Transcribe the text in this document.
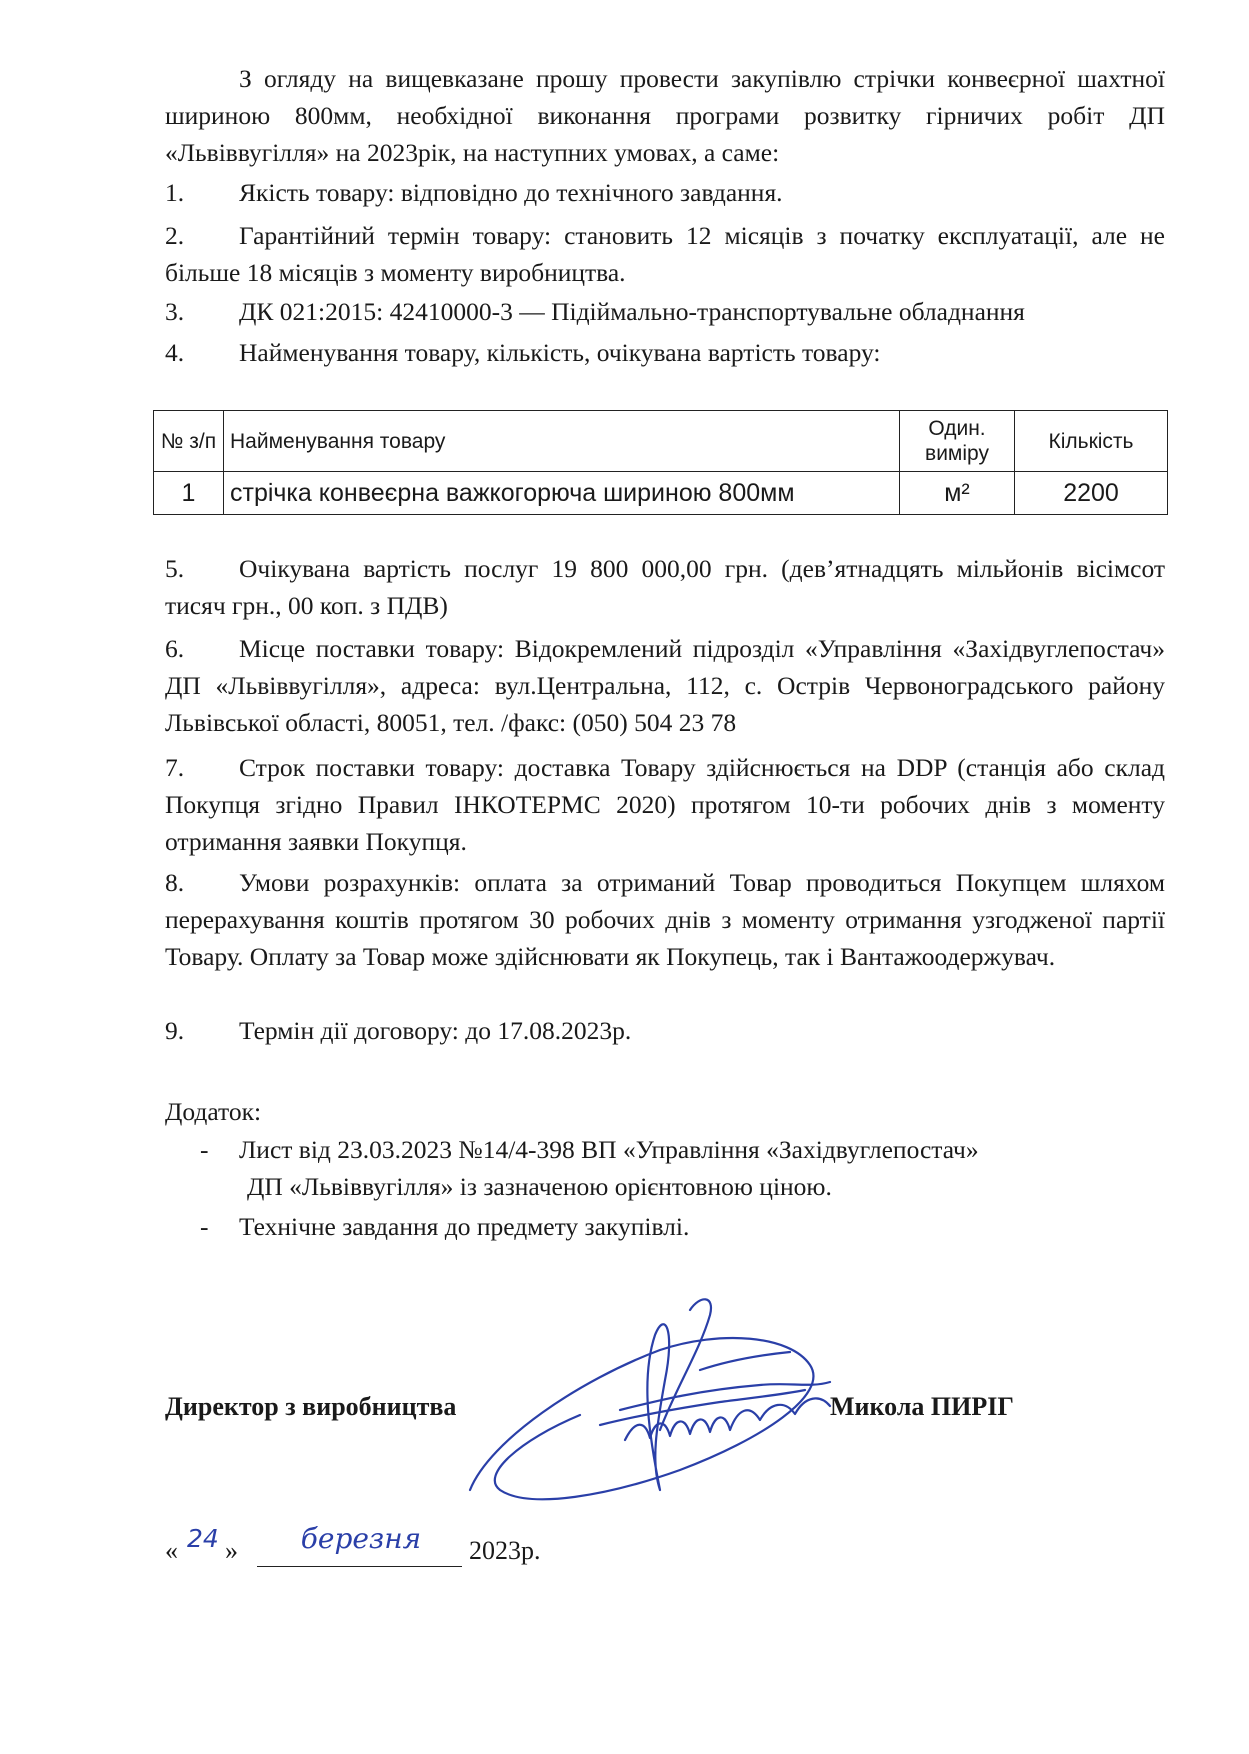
З огляду на вищевказане прошу провести закупівлю стрічки конвеєрної шахтної шириною 800мм, необхідної виконання програми розвитку гірничих робіт ДП «Львіввугілля» на 2023рік, на наступних умовах, а саме:

1. Якість товару: відповідно до технічного завдання.

2. Гарантійний термін товару: становить 12 місяців з початку експлуатації, але не більше 18 місяців з моменту виробництва.

3. ДК 021:2015: 42410000-3 — Підіймально-транспортувальне обладнання

4. Найменування товару, кількість, очікувана вартість товару:

№ з/п	Найменування товару	Один. виміру	Кількість
1	стрічка конвеєрна важкогорюча шириною 800мм	м²	2200

5. Очікувана вартість послуг 19 800 000,00 грн. (дев’ятнадцять мільйонів вісімсот тисяч грн., 00 коп. з ПДВ)

6. Місце поставки товару: Відокремлений підрозділ «Управління «Західвуглепостач» ДП «Львіввугілля», адреса: вул.Центральна, 112, с. Острів Червоноградського району Львівської області, 80051, тел. /факс: (050) 504 23 78

7. Строк поставки товару: доставка Товару здійснюється на DDP (станція або склад Покупця згідно Правил ІНКОТЕРМС 2020) протягом 10-ти робочих днів з моменту отримання заявки Покупця.

8. Умови розрахунків: оплата за отриманий Товар проводиться Покупцем шляхом перерахування коштів протягом 30 робочих днів з моменту отримання узгодженої партії Товару. Оплату за Товар може здійснювати як Покупець, так і Вантажоодержувач.

9. Термін дії договору: до 17.08.2023р.

Додаток:
- Лист від 23.03.2023 №14/4-398 ВП «Управління «Західвуглепостач»
ДП «Львіввугілля» із зазначеною орієнтовною ціною.
- Технічне завдання до предмету закупівлі.
Директор з виробництва	Микола ПИРІГ
« 24 »	березня	2023р.
